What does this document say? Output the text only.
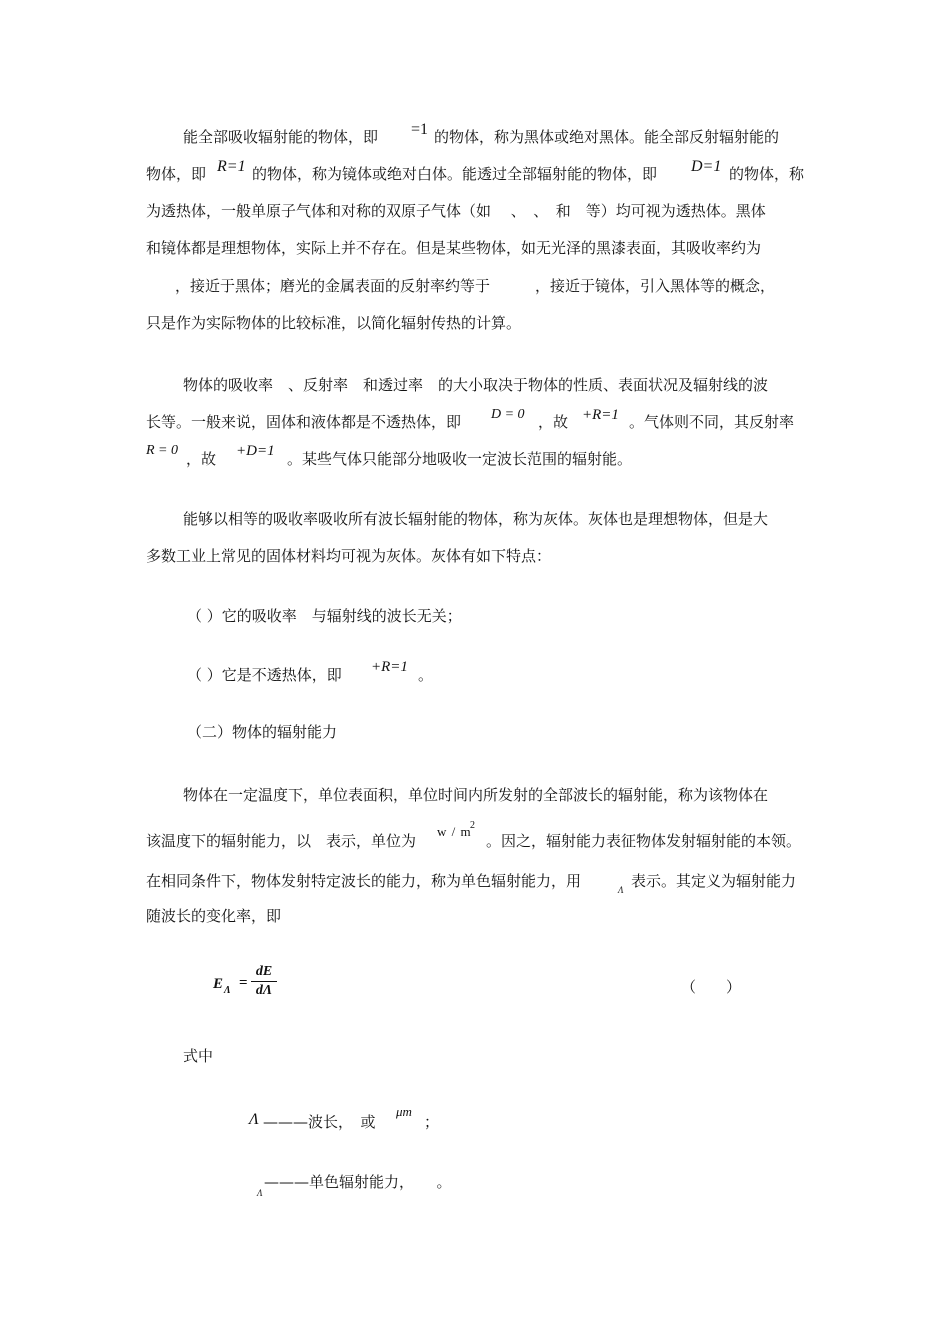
能全部吸收辐射能的物体，即 =1 的物体，称为黑体或绝对黑体。能全部反射辐射能的
物体，即 R=1 的物体，称为镜体或绝对白体。能透过全部辐射能的物体，即 D=1 的物体，称
为透热体，一般单原子气体和对称的双原子气体（如　 、　、　和　等）均可视为透热体。黑体
和镜体都是理想物体，实际上并不存在。但是某些物体，如无光泽的黑漆表面，其吸收率约为
　，接近于黑体；磨光的金属表面的反射率约等于　　　，接近于镜体，引入黑体等的概念，
只是作为实际物体的比较标准，以简化辐射传热的计算。
物体的吸收率　、反射率　和透过率　的大小取决于物体的性质、表面状况及辐射线的波
长等。一般来说，固体和液体都是不透热体，即 D = 0 ，故 +R=1 。气体则不同，其反射率
R = 0 ，故 +D=1 。某些气体只能部分地吸收一定波长范围的辐射能。
能够以相等的吸收率吸收所有波长辐射能的物体，称为灰体。灰体也是理想物体，但是大
多数工业上常见的固体材料均可视为灰体。灰体有如下特点：
（ ）它的吸收率　与辐射线的波长无关；
（ ）它是不透热体，即 +R=1 。
（二）物体的辐射能力
物体在一定温度下，单位表面积，单位时间内所发射的全部波长的辐射能，称为该物体在
该温度下的辐射能力，以　表示，单位为
w / m
2
。因之，辐射能力表征物体发射辐射能的本领。
在相同条件下，物体发射特定波长的能力，称为单色辐射能力，用	Λ 表示。其定义为辐射能力
随波长的变化率，即
E Λ =
dE
dΛ	（　　）
式中
Λ ———波长，　或
μm
；
Λ
———单色辐射能力，　　。
